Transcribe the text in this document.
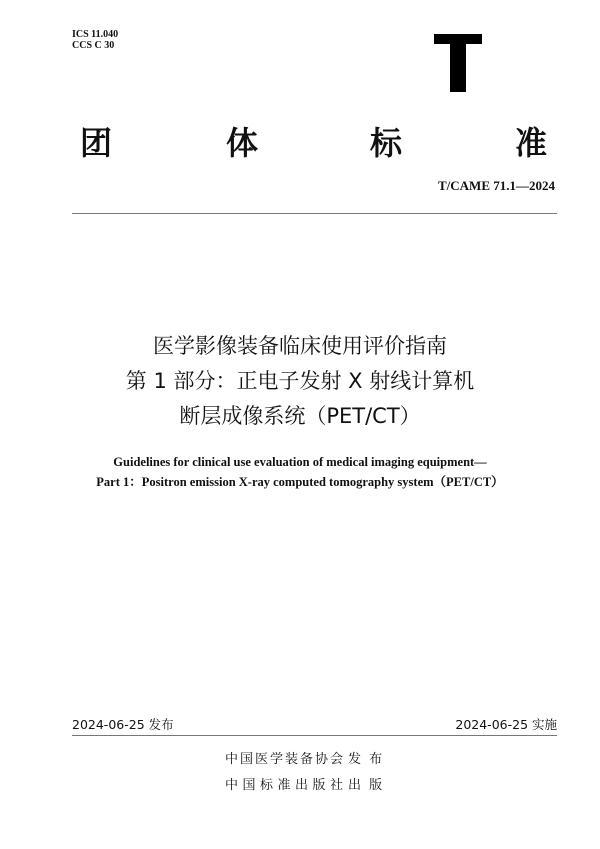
ICS 11.040
CCS C 30
团	体	标	准
T/CAME 71.1—2024
医学影像装备临床使用评价指南
第 1 部分：正电子发射 X 射线计算机
断层成像系统（PET/CT）
Guidelines for clinical use evaluation of medical imaging equipment—
Part 1：Positron emission X-ray computed tomography system（PET/CT）
2024-06-25 发布	2024-06-25 实施
中国医学装备协会 发 布
中国标准出版社 出 版
